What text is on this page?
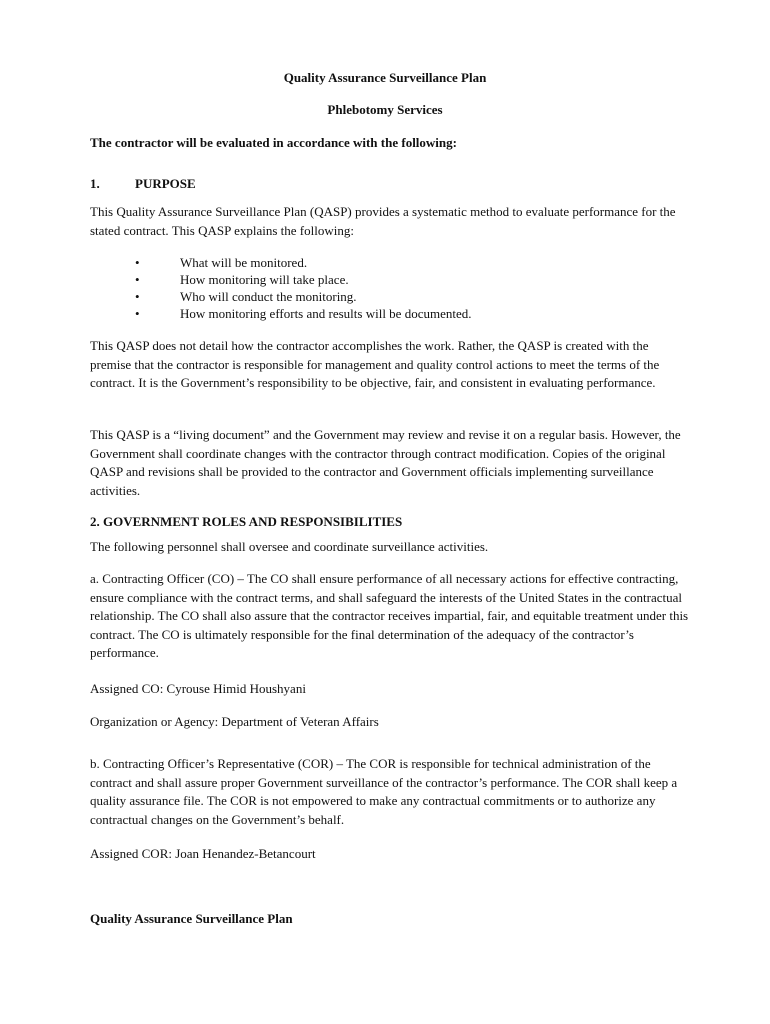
Quality Assurance Surveillance Plan
Phlebotomy Services
The contractor will be evaluated in accordance with the following:
1.	PURPOSE

This Quality Assurance Surveillance Plan (QASP) provides a systematic method to evaluate performance for the stated contract. This QASP explains the following:

•	What will be monitored.
•	How monitoring will take place.
•	Who will conduct the monitoring.
•	How monitoring efforts and results will be documented.

This QASP does not detail how the contractor accomplishes the work. Rather, the QASP is created with the premise that the contractor is responsible for management and quality control actions to meet the terms of the contract. It is the Government’s responsibility to be objective, fair, and consistent in evaluating performance.

This QASP is a “living document” and the Government may review and revise it on a regular basis. However, the Government shall coordinate changes with the contractor through contract modification. Copies of the original QASP and revisions shall be provided to the contractor and Government officials implementing surveillance activities.

2. GOVERNMENT ROLES AND RESPONSIBILITIES

The following personnel shall oversee and coordinate surveillance activities.

a. Contracting Officer (CO) – The CO shall ensure performance of all necessary actions for effective contracting, ensure compliance with the contract terms, and shall safeguard the interests of the United States in the contractual relationship. The CO shall also assure that the contractor receives impartial, fair, and equitable treatment under this contract. The CO is ultimately responsible for the final determination of the adequacy of the contractor’s performance.

Assigned CO: Cyrouse Himid Houshyani

Organization or Agency: Department of Veteran Affairs

b. Contracting Officer’s Representative (COR) – The COR is responsible for technical administration of the contract and shall assure proper Government surveillance of the contractor’s performance. The COR shall keep a quality assurance file. The COR is not empowered to make any contractual commitments or to authorize any contractual changes on the Government’s behalf.

Assigned COR: Joan Henandez-Betancourt

Quality Assurance Surveillance Plan
